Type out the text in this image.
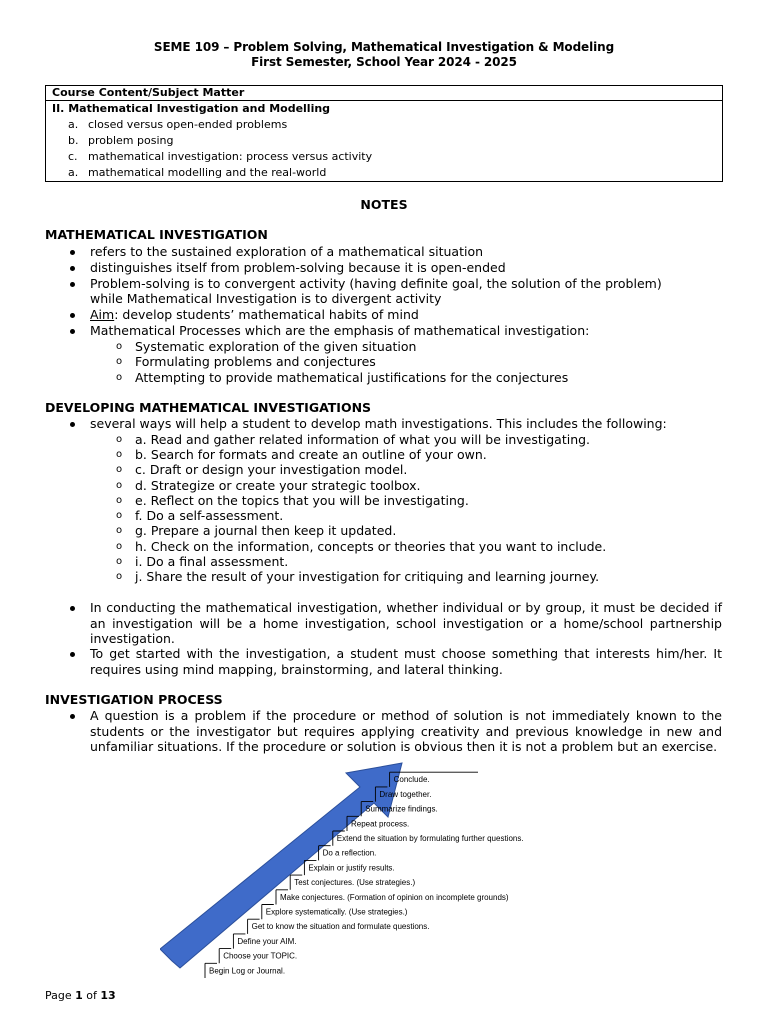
SEME 109 – Problem Solving, Mathematical Investigation & Modeling
First Semester, School Year 2024 - 2025
Course Content/Subject Matter

II. Mathematical Investigation and Modelling
a. closed versus open-ended problems
b. problem posing
c. mathematical investigation: process versus activity
a. mathematical modelling and the real-world
NOTES
MATHEMATICAL INVESTIGATION
refers to the sustained exploration of a mathematical situation
distinguishes itself from problem-solving because it is open-ended
Problem-solving is to convergent activity (having definite goal, the solution of the problem)
while Mathematical Investigation is to divergent activity
Aim: develop students’ mathematical habits of mind
Mathematical Processes which are the emphasis of mathematical investigation:
o Systematic exploration of the given situation
o Formulating problems and conjectures
o Attempting to provide mathematical justifications for the conjectures
DEVELOPING MATHEMATICAL INVESTIGATIONS
several ways will help a student to develop math investigations. This includes the following:
o a. Read and gather related information of what you will be investigating.
o b. Search for formats and create an outline of your own.
o c. Draft or design your investigation model.
o d. Strategize or create your strategic toolbox.
o e. Reflect on the topics that you will be investigating.
o f. Do a self-assessment.
o g. Prepare a journal then keep it updated.
o h. Check on the information, concepts or theories that you want to include.
o i. Do a final assessment.
o j. Share the result of your investigation for critiquing and learning journey.
In conducting the mathematical investigation, whether individual or by group, it must be decided if an investigation will be a home investigation, school investigation or a home/school partnership investigation.
To get started with the investigation, a student must choose something that interests him/her. It requires using mind mapping, brainstorming, and lateral thinking.
INVESTIGATION PROCESS
A question is a problem if the procedure or method of solution is not immediately known to the students or the investigator but requires applying creativity and previous knowledge in new and unfamiliar situations. If the procedure or solution is obvious then it is not a problem but an exercise.
Begin Log or Journal.
Choose your TOPIC.
Define your AIM.
Get to know the situation and formulate questions.
Explore systematically. (Use strategies.)
Make conjectures. (Formation of opinion on incomplete grounds)
Test conjectures. (Use strategies.)
Explain or justify results.
Do a reflection.
Extend the situation by formulating further questions.
Repeat process.
Summarize findings.
Draw together.
Conclude.
Page 1 of 13
